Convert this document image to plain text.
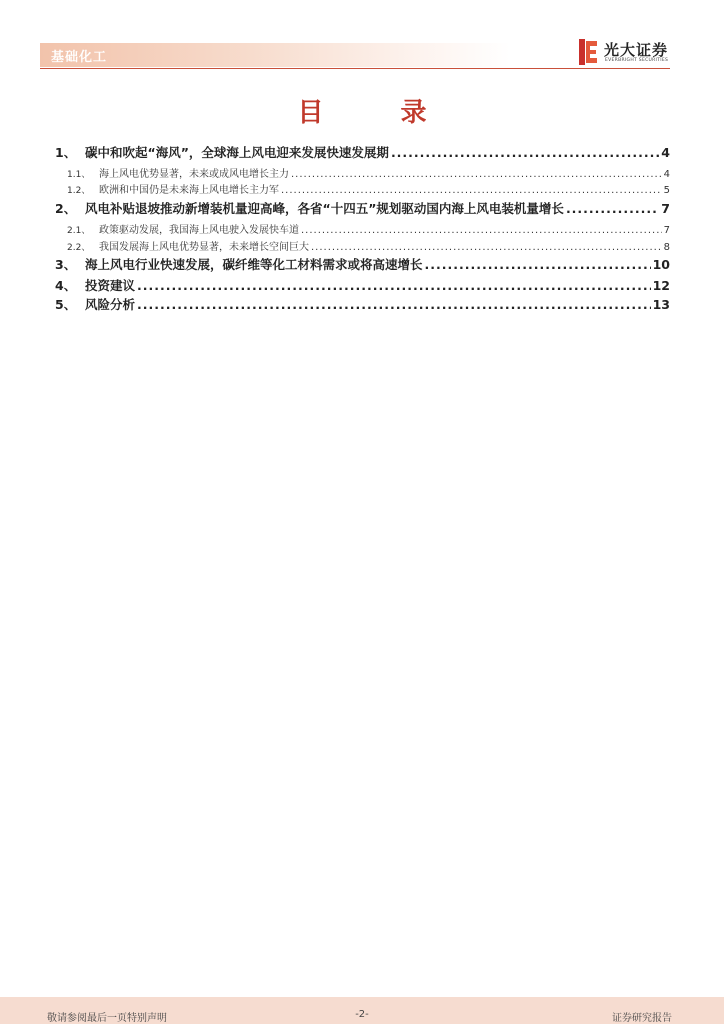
基础化工	光大证券
EVERBRIGHT SECURITIES
目 录
1、 碳中和吹起“海风”，全球海上风电迎来发展快速发展期 .....	4
1.1、 海上风电优势显著，未来或成风电增长主力 .....	4
1.2、 欧洲和中国仍是未来海上风电增长主力军 .....	5
2、 风电补贴退坡推动新增装机量迎高峰，各省“十四五”规划驱动国内海上风电装机量增长 .....	7
2.1、 政策驱动发展，我国海上风电驶入发展快车道 .....	7
2.2、 我国发展海上风电优势显著，未来增长空间巨大 .....	8
3、 海上风电行业快速发展，碳纤维等化工材料需求或将高速增长 .....	10
4、 投资建议 .....	12
5、 风险分析 .....	13
敬请参阅最后一页特别声明	-2-	证券研究报告
